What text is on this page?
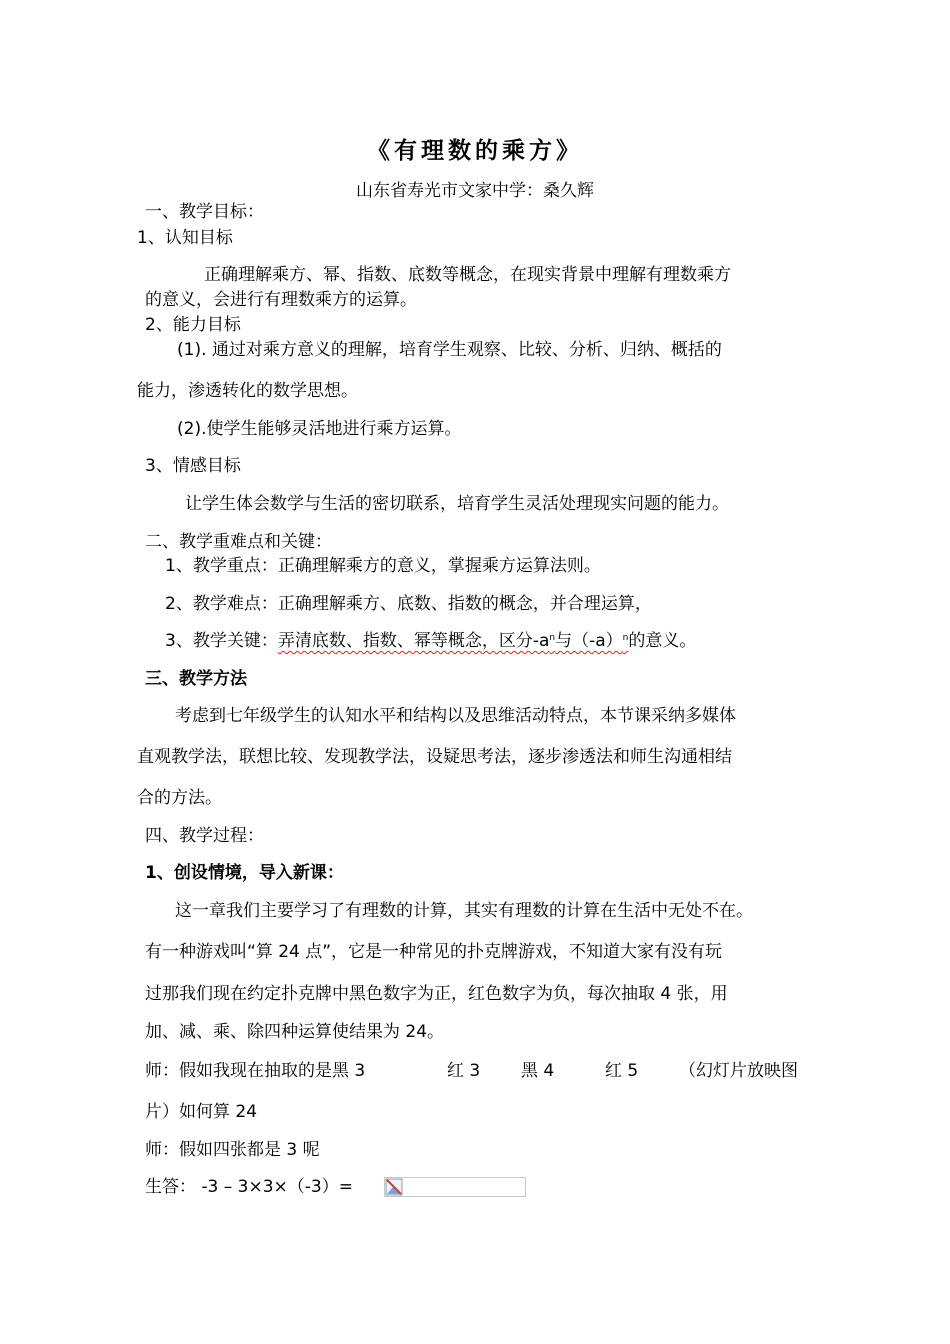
《有理数的乘方》
山东省寿光市文家中学：桑久辉
一、教学目标：
1、认知目标
正确理解乘方、幂、指数、底数等概念，在现实背景中理解有理数乘方
的意义，会进行有理数乘方的运算。
2、能力目标
(1). 通过对乘方意义的理解，培育学生观察、比较、分析、归纳、概括的
能力，渗透转化的数学思想。
(2).使学生能够灵活地进行乘方运算。
3、情感目标
让学生体会数学与生活的密切联系，培育学生灵活处理现实问题的能力。
二、教学重难点和关键：
1、教学重点：正确理解乘方的意义，掌握乘方运算法则。
2、教学难点：正确理解乘方、底数、指数的概念，并合理运算，
3、教学关键：弄清底数、指数、幂等概念，区分$-a^n$与$(-a)^n$的意义。
三、教学方法
考虑到七年级学生的认知水平和结构以及思维活动特点，本节课采纳多媒体
直观教学法，联想比较、发现教学法，设疑思考法，逐步渗透法和师生沟通相结
合的方法。
四、教学过程：
1、创设情境，导入新课：
这一章我们主要学习了有理数的计算，其实有理数的计算在生活中无处不在。
有一种游戏叫“算 24 点”，它是一种常见的扑克牌游戏，不知道大家有没有玩
过那我们现在约定扑克牌中黑色数字为正，红色数字为负，每次抽取 4 张，用
加、减、乘、除四种运算使结果为 24。
师：假如我现在抽取的是黑 3	红 3 黑 4	红 5 （幻灯片放映图
片）如何算 24
师：假如四张都是 3 呢
生答： -3 – 3×3×（-3）=
